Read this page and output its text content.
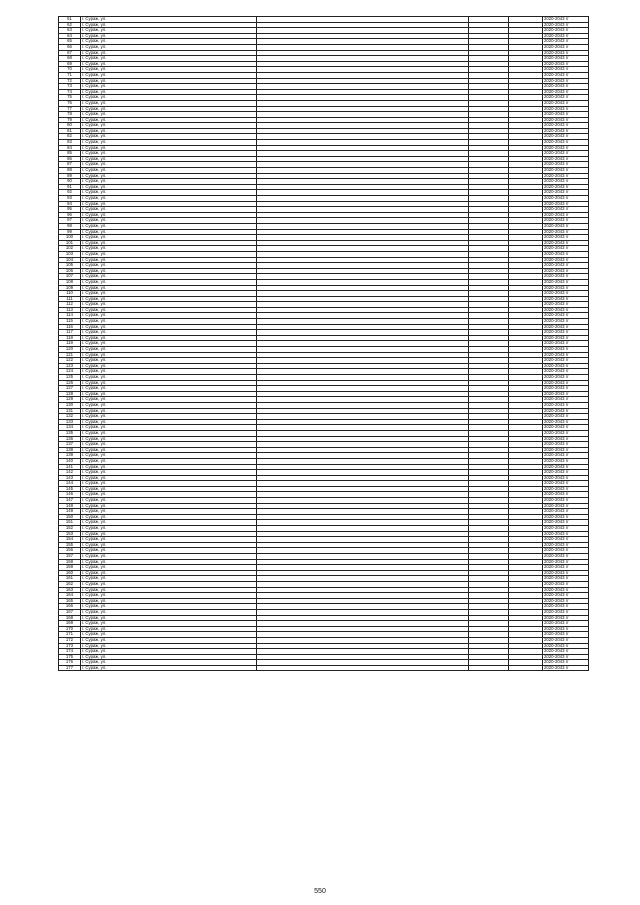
61	г. Сураж, ул.				2020-2043 гг
62	г. Сураж, ул.				2020-2043 гг
63	г. Сураж, ул.				2020-2043 гг
64	г. Сураж, ул.				2020-2043 гг
65	г. Сураж, ул.				2020-2043 гг
66	г. Сураж, ул.				2020-2043 гг
67	г. Сураж, ул.				2020-2043 гг
68	г. Сураж, ул.				2020-2043 гг
69	г. Сураж, ул.				2020-2043 гг
70	г. Сураж, ул.				2020-2043 гг
71	г. Сураж, ул.				2020-2043 гг
72	г. Сураж, ул.				2020-2043 гг
73	г. Сураж, ул.				2020-2043 гг
74	г. Сураж, ул.				2020-2043 гг
75	г. Сураж, ул.				2020-2043 гг
76	г. Сураж, ул.				2020-2043 гг
77	г. Сураж, ул.				2020-2043 гг
78	г. Сураж, ул.				2020-2043 гг
79	г. Сураж, ул.				2020-2043 гг
80	г. Сураж, ул.				2020-2043 гг
81	г. Сураж, ул.				2020-2043 гг
82	г. Сураж, ул.				2020-2043 гг
83	г. Сураж, ул.				2020-2043 гг
84	г. Сураж, ул.				2020-2043 гг
85	г. Сураж, ул.				2020-2043 гг
86	г. Сураж, ул.				2020-2043 гг
87	г. Сураж, ул.				2020-2043 гг
88	г. Сураж, ул.				2020-2043 гг
89	г. Сураж, ул.				2020-2043 гг
90	г. Сураж, ул.				2020-2043 гг
91	г. Сураж, ул.				2020-2043 гг
92	г. Сураж, ул.				2020-2043 гг
93	г. Сураж, ул.				2020-2043 гг
94	г. Сураж, ул.				2020-2043 гг
95	г. Сураж, ул.				2020-2043 гг
96	г. Сураж, ул.				2020-2043 гг
97	г. Сураж, ул.				2020-2043 гг
98	г. Сураж, ул.				2020-2043 гг
99	г. Сураж, ул.				2020-2043 гг
100	г. Сураж, ул.				2020-2043 гг
101	г. Сураж, ул.				2020-2043 гг
102	г. Сураж, ул.				2020-2043 гг
103	г. Сураж, ул.				2020-2043 гг
104	г. Сураж, ул.				2020-2043 гг
105	г. Сураж, ул.				2020-2043 гг
106	г. Сураж, ул.				2020-2043 гг
107	г. Сураж, ул.				2020-2043 гг
108	г. Сураж, ул.				2020-2043 гг
109	г. Сураж, ул.				2020-2043 гг
110	г. Сураж, ул.				2020-2043 гг
111	г. Сураж, ул.				2020-2043 гг
112	г. Сураж, ул.				2020-2043 гг
113	г. Сураж, ул.				2020-2043 гг
114	г. Сураж, ул.				2020-2043 гг
115	г. Сураж, ул.				2020-2043 гг
116	г. Сураж, ул.				2020-2043 гг
117	г. Сураж, ул.				2020-2043 гг
118	г. Сураж, ул.				2020-2043 гг
119	г. Сураж, ул.				2020-2043 гг
120	г. Сураж, ул.				2020-2043 гг
121	г. Сураж, ул.				2020-2043 гг
122	г. Сураж, ул.				2020-2043 гг
123	г. Сураж, ул.				2020-2043 гг
124	г. Сураж, ул.				2020-2043 гг
125	г. Сураж, ул.				2020-2043 гг
126	г. Сураж, ул.				2020-2043 гг
127	г. Сураж, ул.				2020-2043 гг
128	г. Сураж, ул.				2020-2043 гг
129	г. Сураж, ул.				2020-2043 гг
130	г. Сураж, ул.				2020-2043 гг
131	г. Сураж, ул.				2020-2043 гг
132	г. Сураж, ул.				2020-2043 гг
133	г. Сураж, ул.				2020-2043 гг
134	г. Сураж, ул.				2020-2043 гг
135	г. Сураж, ул.				2020-2043 гг
136	г. Сураж, ул.				2020-2043 гг
137	г. Сураж, ул.				2020-2043 гг
138	г. Сураж, ул.				2020-2043 гг
139	г. Сураж, ул.				2020-2043 гг
140	г. Сураж, ул.				2020-2043 гг
141	г. Сураж, ул.				2020-2043 гг
142	г. Сураж, ул.				2020-2043 гг
143	г. Сураж, ул.				2020-2043 гг
144	г. Сураж, ул.				2020-2043 гг
145	г. Сураж, ул.				2020-2043 гг
146	г. Сураж, ул.				2020-2043 гг
147	г. Сураж, ул.				2020-2043 гг
148	г. Сураж, ул.				2020-2043 гг
149	г. Сураж, ул.				2020-2043 гг
150	г. Сураж, ул.				2020-2043 гг
151	г. Сураж, ул.				2020-2043 гг
152	г. Сураж, ул.				2020-2043 гг
153	г. Сураж, ул.				2020-2043 гг
154	г. Сураж, ул.				2020-2043 гг
155	г. Сураж, ул.				2020-2043 гг
156	г. Сураж, ул.				2020-2043 гг
157	г. Сураж, ул.				2020-2043 гг
158	г. Сураж, ул.				2020-2043 гг
159	г. Сураж, ул.				2020-2043 гг
160	г. Сураж, ул.				2020-2043 гг
161	г. Сураж, ул.				2020-2043 гг
162	г. Сураж, ул.				2020-2043 гг
163	г. Сураж, ул.				2020-2043 гг
164	г. Сураж, ул.				2020-2043 гг
165	г. Сураж, ул.				2020-2043 гг
166	г. Сураж, ул.				2020-2043 гг
167	г. Сураж, ул.				2020-2043 гг
168	г. Сураж, ул.				2020-2043 гг
169	г. Сураж, ул.				2020-2043 гг
170	г. Сураж, ул.				2020-2043 гг
171	г. Сураж, ул.				2020-2043 гг
172	г. Сураж, ул.				2020-2043 гг
173	г. Сураж, ул.				2020-2043 гг
174	г. Сураж, ул.				2020-2043 гг
175	г. Сураж, ул.				2020-2043 гг
176	г. Сураж, ул.				2020-2043 гг
177	г. Сураж, ул.				2020-2043 гг
550
